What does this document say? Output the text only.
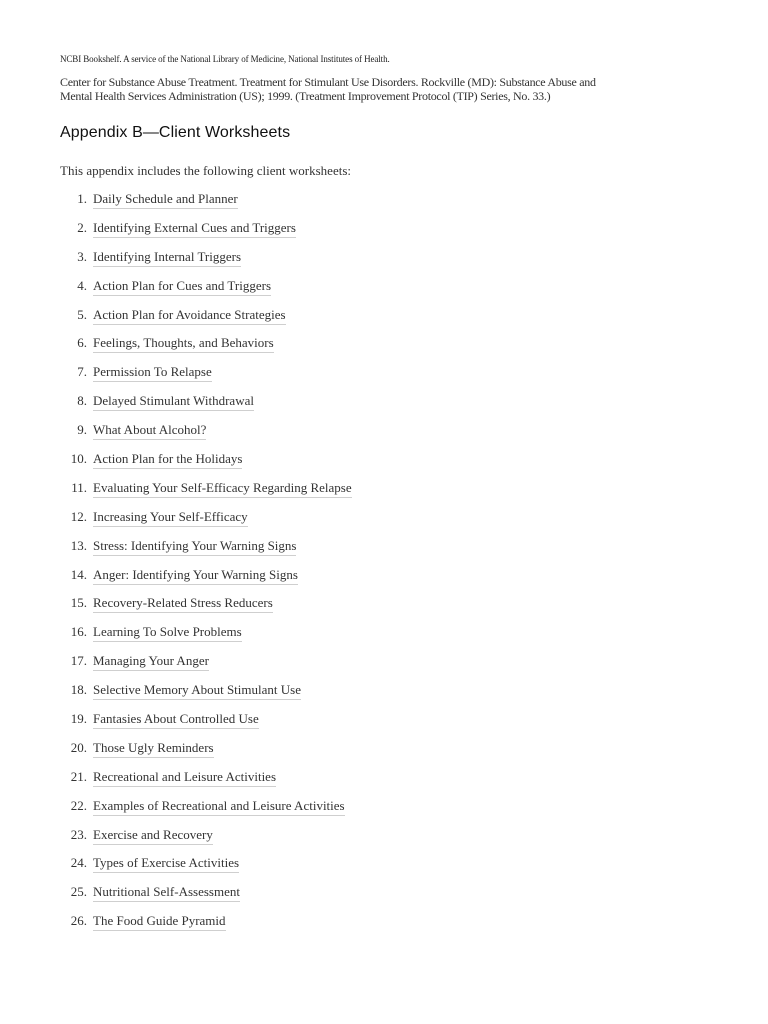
NCBI Bookshelf. A service of the National Library of Medicine, National Institutes of Health.
Center for Substance Abuse Treatment. Treatment for Stimulant Use Disorders. Rockville (MD): Substance Abuse and Mental Health Services Administration (US); 1999. (Treatment Improvement Protocol (TIP) Series, No. 33.)
Appendix B—Client Worksheets
This appendix includes the following client worksheets:
1. Daily Schedule and Planner
2. Identifying External Cues and Triggers
3. Identifying Internal Triggers
4. Action Plan for Cues and Triggers
5. Action Plan for Avoidance Strategies
6. Feelings, Thoughts, and Behaviors
7. Permission To Relapse
8. Delayed Stimulant Withdrawal
9. What About Alcohol?
10. Action Plan for the Holidays
11. Evaluating Your Self-Efficacy Regarding Relapse
12. Increasing Your Self-Efficacy
13. Stress: Identifying Your Warning Signs
14. Anger: Identifying Your Warning Signs
15. Recovery-Related Stress Reducers
16. Learning To Solve Problems
17. Managing Your Anger
18. Selective Memory About Stimulant Use
19. Fantasies About Controlled Use
20. Those Ugly Reminders
21. Recreational and Leisure Activities
22. Examples of Recreational and Leisure Activities
23. Exercise and Recovery
24. Types of Exercise Activities
25. Nutritional Self-Assessment
26. The Food Guide Pyramid
